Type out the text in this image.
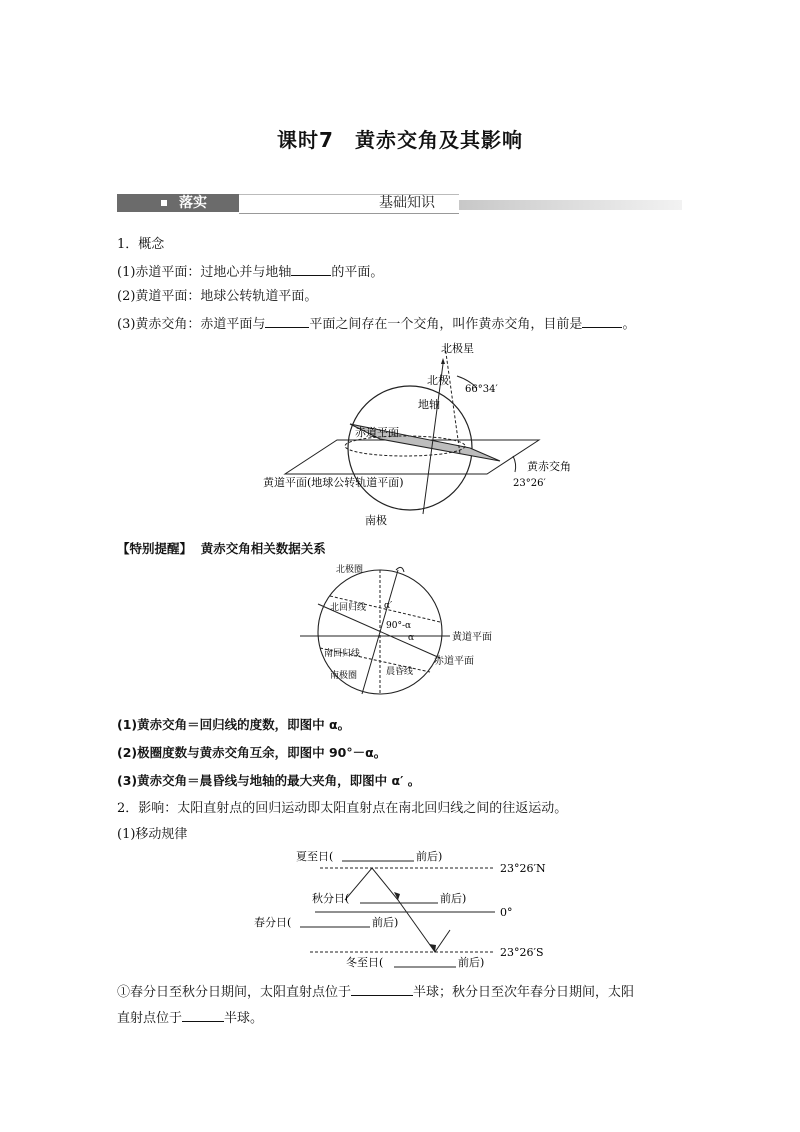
课时7　黄赤交角及其影响
落实	基础知识
1．概念
(1)赤道平面：过地心并与地轴	的平面。
(2)黄道平面：地球公转轨道平面。
(3)黄赤交角：赤道平面与	平面之间存在一个交角，叫作黄赤交角，目前是	。
北极星
北极
地轴
66°34′
赤道平面
23°26′
黄赤交角
黄道平面(地球公转轨道平面)
南极
【特别提醒】 黄赤交角相关数据关系
北极圈
北回归线 α′
90°-α
α	黄道平面
赤道平面
南回归线
南极圈	晨昏线
(1)黄赤交角＝回归线的度数，即图中 α。
(2)极圈度数与黄赤交角互余，即图中 90°－α。
(3)黄赤交角＝晨昏线与地轴的最大夹角，即图中 α′ 。
2．影响：太阳直射点的回归运动即太阳直射点在南北回归线之间的往返运动。
(1)移动规律
夏至日(	前后)
秋分日(	前后)
春分日(	前后)
冬至日(	前后)
23°26′N
0°
23°26′S
①春分日至秋分日期间，太阳直射点位于	半球；秋分日至次年春分日期间，太阳
直射点位于	半球。
